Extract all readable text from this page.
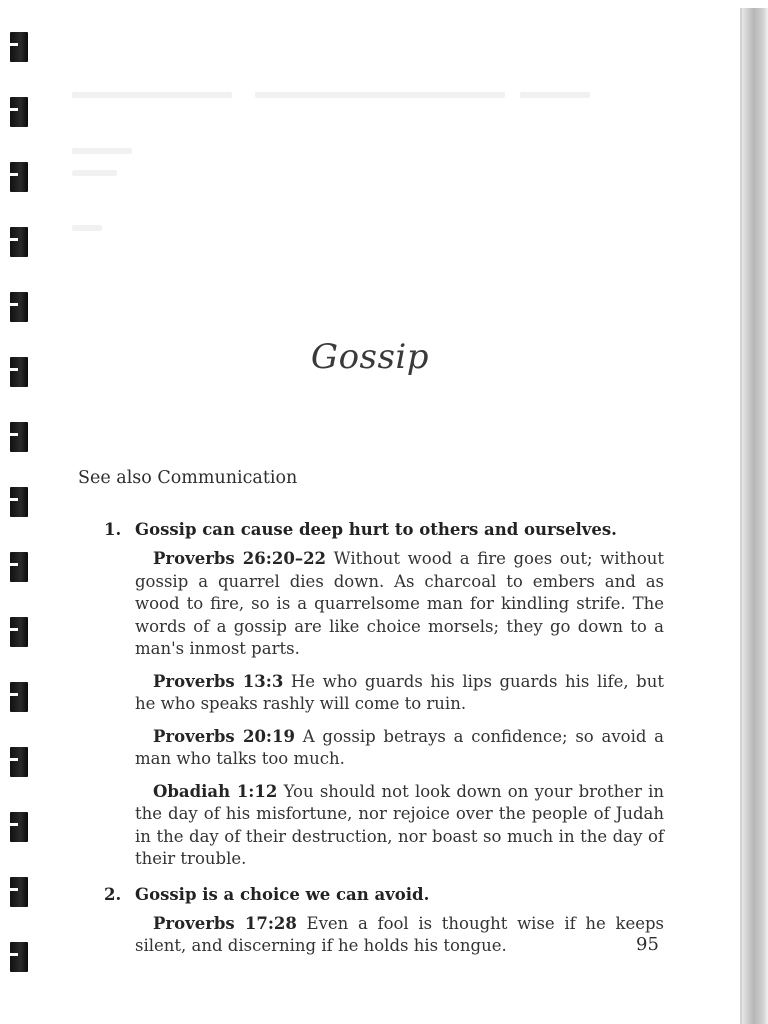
Gossip
See also Communication
1. Gossip can cause deep hurt to others and ourselves.

Proverbs 26:20–22 Without wood a fire goes out; without gossip a quarrel dies down. As charcoal to embers and as wood to fire, so is a quarrelsome man for kindling strife. The words of a gossip are like choice morsels; they go down to a man's inmost parts.

Proverbs 13:3 He who guards his lips guards his life, but he who speaks rashly will come to ruin.

Proverbs 20:19 A gossip betrays a confidence; so avoid a man who talks too much.

Obadiah 1:12 You should not look down on your brother in the day of his misfortune, nor rejoice over the people of Judah in the day of their destruction, nor boast so much in the day of their trouble.

2. Gossip is a choice we can avoid.

Proverbs 17:28 Even a fool is thought wise if he keeps silent, and discerning if he holds his tongue.	95
